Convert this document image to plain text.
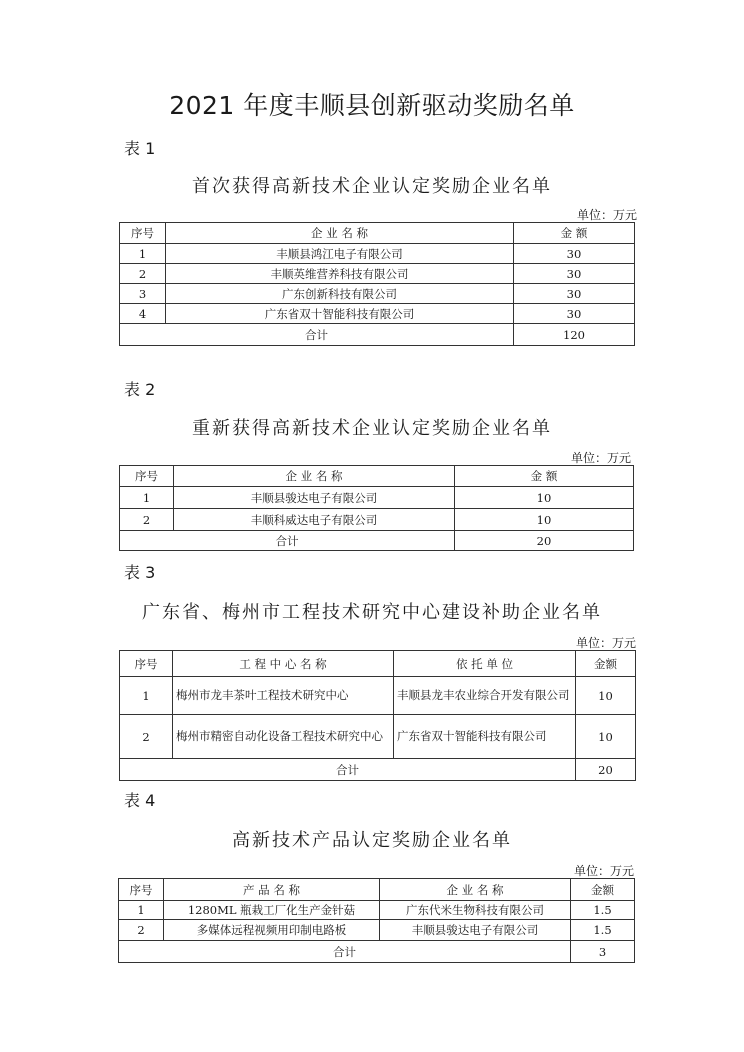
2021 年度丰顺县创新驱动奖励名单
表 1
首次获得高新技术企业认定奖励企业名单
单位：万元
序号	企 业 名 称	金 额
1	丰顺县鸿江电子有限公司	30
2	丰顺英维营养科技有限公司	30
3	广东创新科技有限公司	30
4	广东省双十智能科技有限公司	30
合计		120
表 2
重新获得高新技术企业认定奖励企业名单
单位：万元
序号	企 业 名 称	金 额
1	丰顺县骏达电子有限公司	10
2	丰顺科威达电子有限公司	10
合计		20
表 3
广东省、梅州市工程技术研究中心建设补助企业名单
单位：万元
序号	工 程 中 心 名 称	依 托 单 位	金额
1	梅州市龙丰茶叶工程技术研究中心	丰顺县龙丰农业综合开发有限公司	10
2	梅州市精密自动化设备工程技术研究中心	广东省双十智能科技有限公司	10
合计			20
表 4
高新技术产品认定奖励企业名单
单位：万元
序号	产 品 名 称	企 业 名 称	金额
1	1280ML 瓶栽工厂化生产金针菇	广东代米生物科技有限公司	1.5
2	多媒体远程视频用印制电路板	丰顺县骏达电子有限公司	1.5
合计			3
